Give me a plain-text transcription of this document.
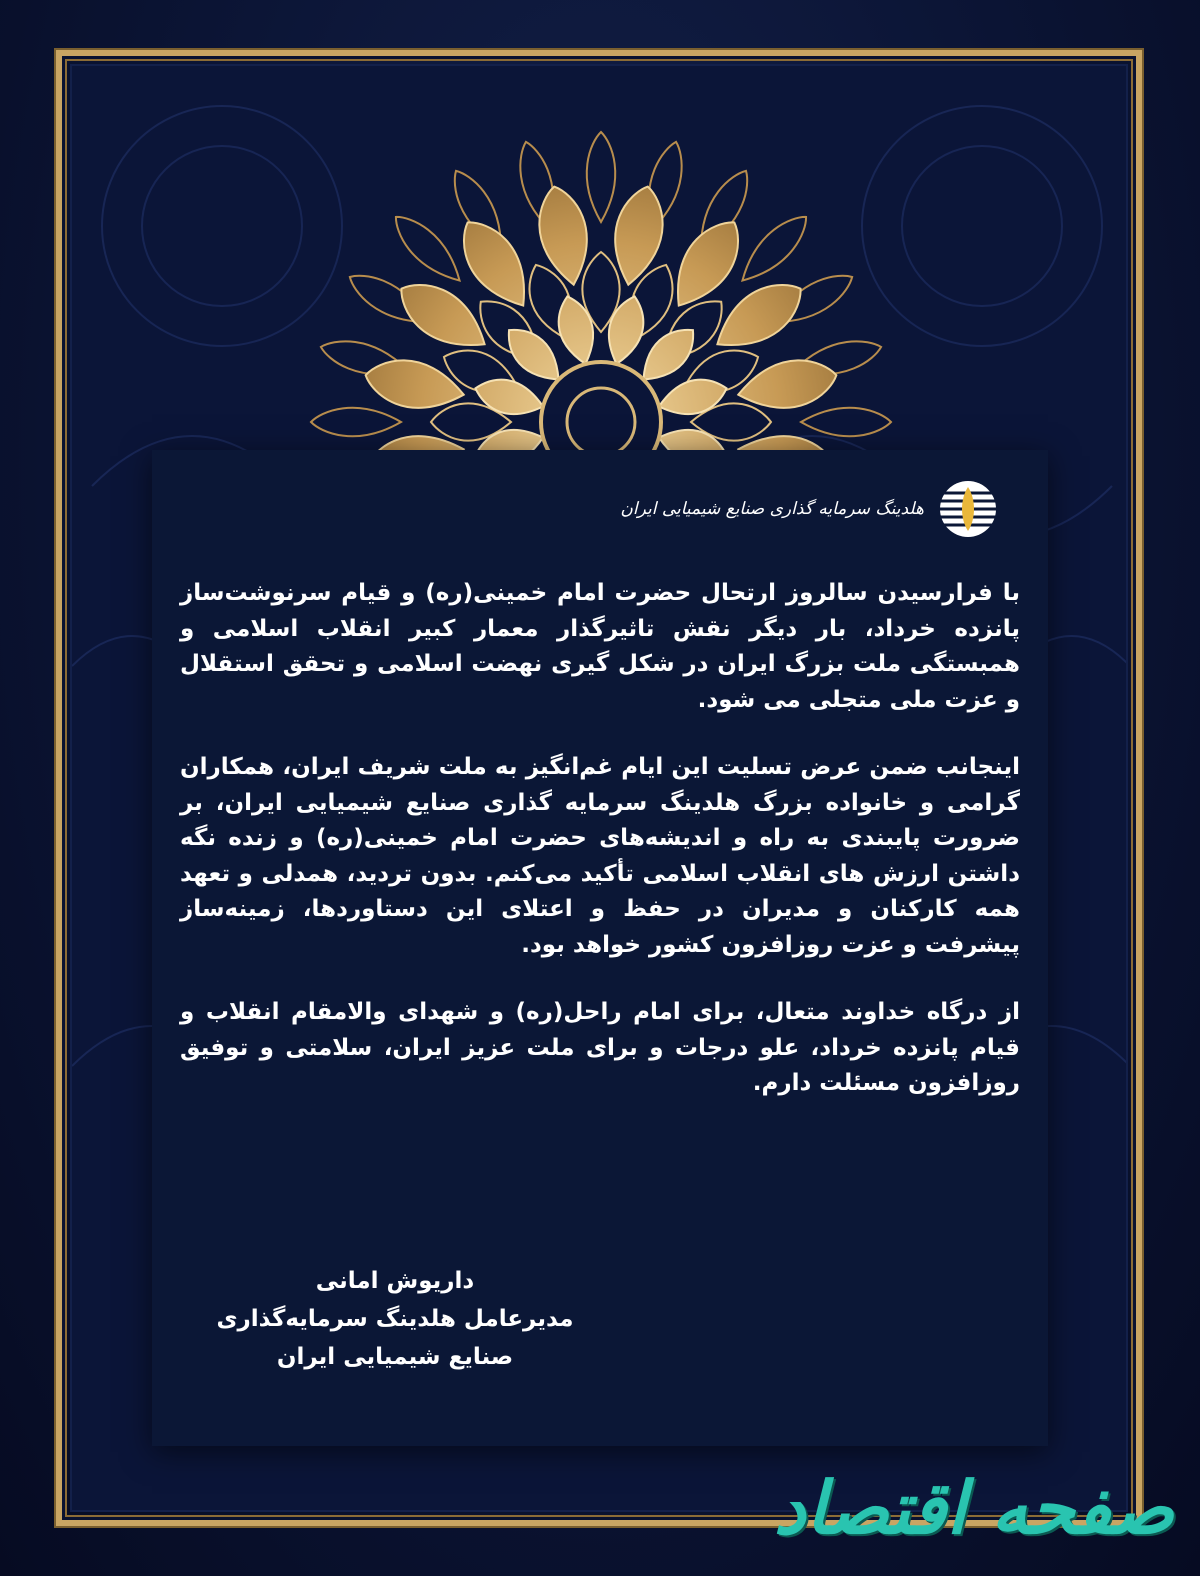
هلدینگ سرمایه گذاری صنایع شیمیایی ایران

با فرارسیدن سالروز ارتحال حضرت امام خمینی(ره) و قیام سرنوشت‌ساز پانزده خرداد، بار دیگر نقش تاثیرگذار معمار کبیر انقلاب اسلامی و همبستگی ملت بزرگ ایران در شکل گیری نهضت اسلامی و تحقق استقلال و عزت ملی متجلی می شود.

اینجانب ضمن عرض تسلیت این ایام غم‌انگیز به ملت شریف ایران، همکاران گرامی و خانواده بزرگ هلدینگ سرمایه گذاری صنایع شیمیایی ایران، بر ضرورت پایبندی به راه و اندیشه‌های حضرت امام خمینی(ره) و زنده نگه داشتن ارزش های انقلاب اسلامی تأکید می‌کنم. بدون تردید، همدلی و تعهد همه کارکنان و مدیران در حفظ و اعتلای این دستاوردها، زمینه‌ساز پیشرفت و عزت روزافزون کشور خواهد بود.

از درگاه خداوند متعال، برای امام راحل(ره) و شهدای والامقام انقلاب و قیام پانزده خرداد، علو درجات و برای ملت عزیز ایران، سلامتی و توفیق روزافزون مسئلت دارم.

داریوش امانی
مدیرعامل هلدینگ سرمایه‌گذاری
صنایع شیمیایی ایران
صفحه اقتصاد
